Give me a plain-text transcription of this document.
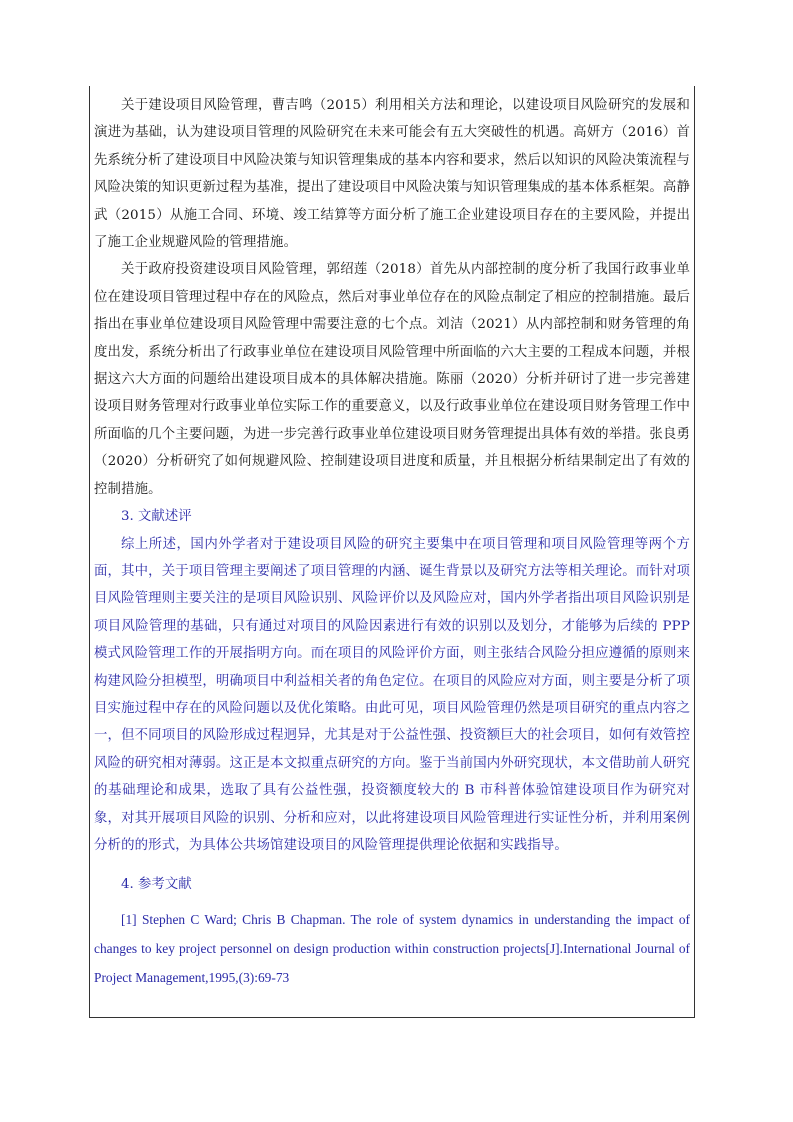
关于建设项目风险管理，曹吉鸣（2015）利用相关方法和理论，以建设项目风险研究的发展和演进为基础，认为建设项目管理的风险研究在未来可能会有五大突破性的机遇。高妍方（2016）首先系统分析了建设项目中风险决策与知识管理集成的基本内容和要求，然后以知识的风险决策流程与风险决策的知识更新过程为基准，提出了建设项目中风险决策与知识管理集成的基本体系框架。高静武（2015）从施工合同、环境、竣工结算等方面分析了施工企业建设项目存在的主要风险，并提出了施工企业规避风险的管理措施。

关于政府投资建设项目风险管理，郭绍莲（2018）首先从内部控制的度分析了我国行政事业单位在建设项目管理过程中存在的风险点，然后对事业单位存在的风险点制定了相应的控制措施。最后指出在事业单位建设项目风险管理中需要注意的七个点。刘洁（2021）从内部控制和财务管理的角度出发，系统分析出了行政事业单位在建设项目风险管理中所面临的六大主要的工程成本问题，并根据这六大方面的问题给出建设项目成本的具体解决措施。陈丽（2020）分析并研讨了进一步完善建设项目财务管理对行政事业单位实际工作的重要意义，以及行政事业单位在建设项目财务管理工作中所面临的几个主要问题，为进一步完善行政事业单位建设项目财务管理提出具体有效的举措。张良勇（2020）分析研究了如何规避风险、控制建设项目进度和质量，并且根据分析结果制定出了有效的控制措施。

3. 文献述评

综上所述，国内外学者对于建设项目风险的研究主要集中在项目管理和项目风险管理等两个方面，其中，关于项目管理主要阐述了项目管理的内涵、诞生背景以及研究方法等相关理论。而针对项目风险管理则主要关注的是项目风险识别、风险评价以及风险应对，国内外学者指出项目风险识别是项目风险管理的基础，只有通过对项目的风险因素进行有效的识别以及划分，才能够为后续的 PPP 模式风险管理工作的开展指明方向。而在项目的风险评价方面，则主张结合风险分担应遵循的原则来构建风险分担模型，明确项目中利益相关者的角色定位。在项目的风险应对方面，则主要是分析了项目实施过程中存在的风险问题以及优化策略。由此可见，项目风险管理仍然是项目研究的重点内容之一，但不同项目的风险形成过程迥异，尤其是对于公益性强、投资额巨大的社会项目，如何有效管控风险的研究相对薄弱。这正是本文拟重点研究的方向。鉴于当前国内外研究现状，本文借助前人研究的基础理论和成果，选取了具有公益性强，投资额度较大的 B 市科普体验馆建设项目作为研究对象，对其开展项目风险的识别、分析和应对，以此将建设项目风险管理进行实证性分析，并利用案例分析的的形式，为具体公共场馆建设项目的风险管理提供理论依据和实践指导。

4. 参考文献

[1] Stephen C Ward; Chris B Chapman. The role of system dynamics in understanding the impact of changes to key project personnel on design production within construction projects[J].International Journal of Project Management,1995,(3):69-73
